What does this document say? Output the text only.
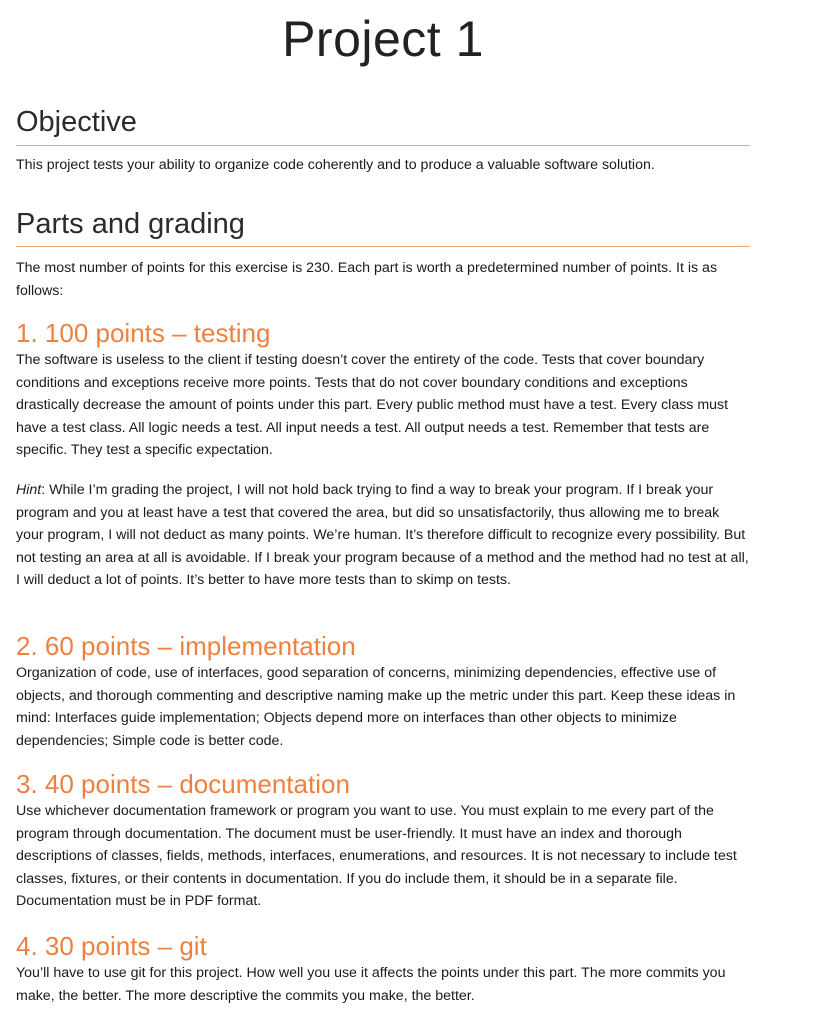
Project 1
Objective

This project tests your ability to organize code coherently and to produce a valuable software solution.

Parts and grading

The most number of points for this exercise is 230. Each part is worth a predetermined number of points. It is as follows:

1. 100 points – testing

The software is useless to the client if testing doesn’t cover the entirety of the code. Tests that cover boundary conditions and exceptions receive more points. Tests that do not cover boundary conditions and exceptions drastically decrease the amount of points under this part. Every public method must have a test. Every class must have a test class. All logic needs a test. All input needs a test. All output needs a test. Remember that tests are specific. They test a specific expectation.

Hint: While I’m grading the project, I will not hold back trying to find a way to break your program. If I break your program and you at least have a test that covered the area, but did so unsatisfactorily, thus allowing me to break your program, I will not deduct as many points. We’re human. It’s therefore difficult to recognize every possibility. But not testing an area at all is avoidable. If I break your program because of a method and the method had no test at all, I will deduct a lot of points. It’s better to have more tests than to skimp on tests.

2. 60 points – implementation

Organization of code, use of interfaces, good separation of concerns, minimizing dependencies, effective use of objects, and thorough commenting and descriptive naming make up the metric under this part. Keep these ideas in mind: Interfaces guide implementation; Objects depend more on interfaces than other objects to minimize dependencies; Simple code is better code.

3. 40 points – documentation

Use whichever documentation framework or program you want to use. You must explain to me every part of the program through documentation. The document must be user-friendly. It must have an index and thorough descriptions of classes, fields, methods, interfaces, enumerations, and resources. It is not necessary to include test classes, fixtures, or their contents in documentation. If you do include them, it should be in a separate file. Documentation must be in PDF format.

4. 30 points – git

You’ll have to use git for this project. How well you use it affects the points under this part. The more commits you make, the better. The more descriptive the commits you make, the better.
